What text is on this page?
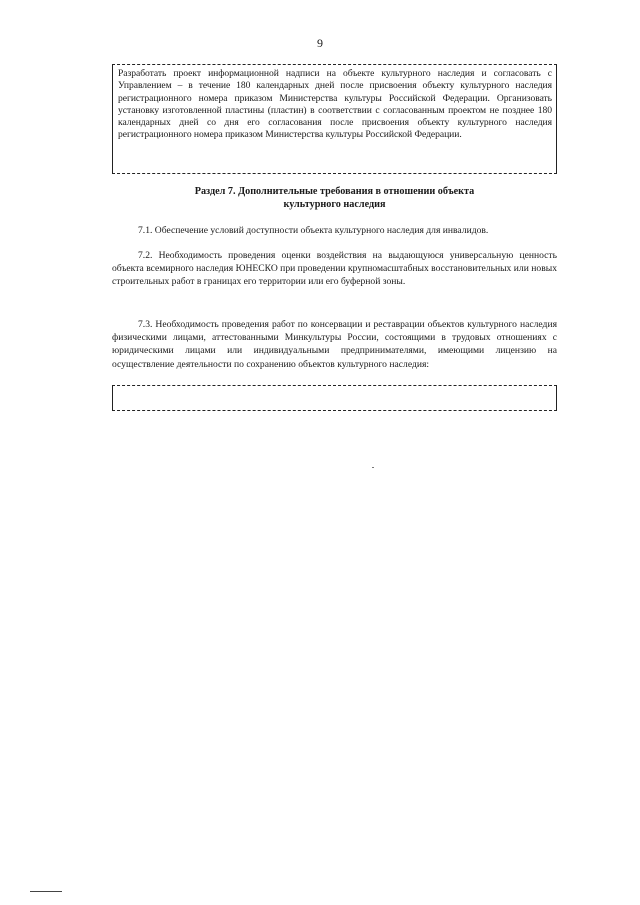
9

Разработать проект информационной надписи на объекте культурного наследия и согласовать с Управлением – в течение 180 календарных дней после присвоения объекту культурного наследия регистрационного номера приказом Министерства культуры Российской Федерации. Организовать установку изготовленной пластины (пластин) в соответствии с согласованным проектом не позднее 180 календарных дней со дня его согласования после присвоения объекту культурного наследия регистрационного номера приказом Министерства культуры Российской Федерации.

Раздел 7. Дополнительные требования в отношении объекта
культурного наследия

7.1. Обеспечение условий доступности объекта культурного наследия для инвалидов.

7.2. Необходимость проведения оценки воздействия на выдающуюся универсальную ценность объекта всемирного наследия ЮНЕСКО при проведении крупномасштабных восстановительных или новых строительных работ в границах его территории или его буферной зоны.

7.3. Необходимость проведения работ по консервации и реставрации объектов культурного наследия физическими лицами, аттестованными Минкультуры России, состоящими в трудовых отношениях с юридическими лицами или индивидуальными предпринимателями, имеющими лицензию на осуществление деятельности по сохранению объектов культурного наследия:
